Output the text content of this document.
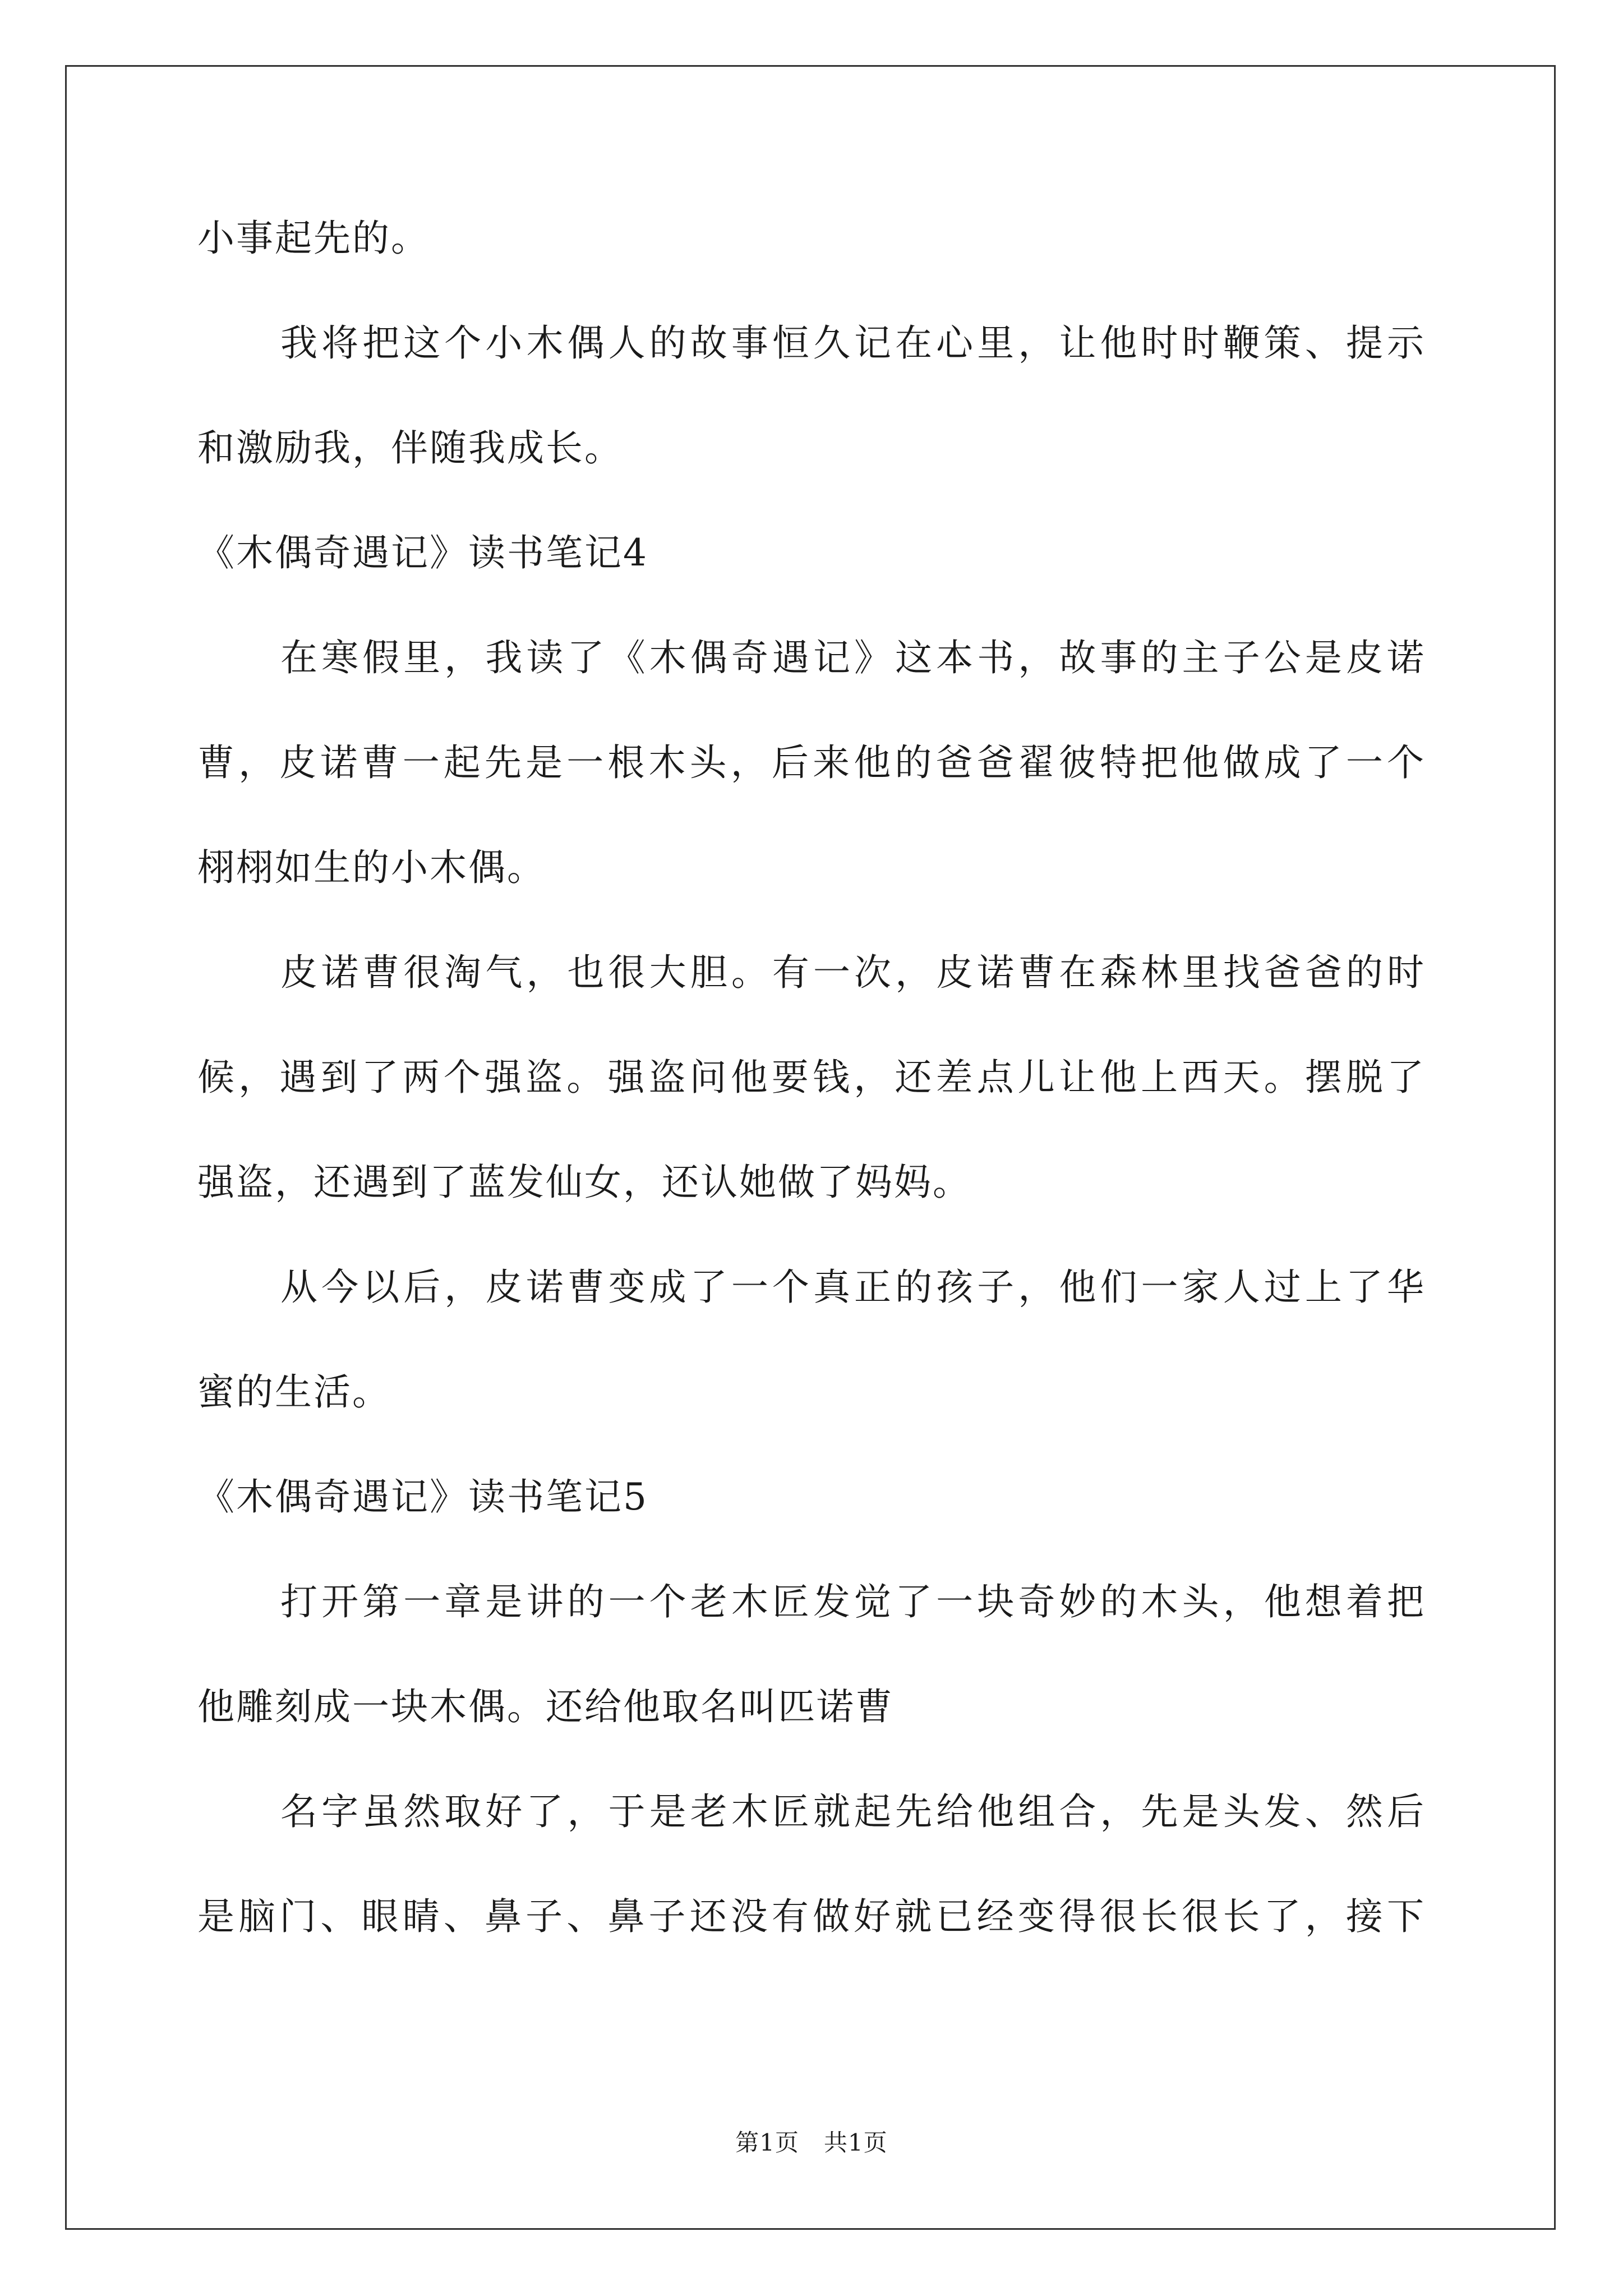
小事起先的。
我将把这个小木偶人的故事恒久记在心里，让他时时鞭策、提示
和激励我，伴随我成长。
《木偶奇遇记》读书笔记4
在寒假里，我读了《木偶奇遇记》这本书，故事的主子公是皮诺
曹，皮诺曹一起先是一根木头，后来他的爸爸翟彼特把他做成了一个
栩栩如生的小木偶。
皮诺曹很淘气，也很大胆。有一次，皮诺曹在森林里找爸爸的时
候，遇到了两个强盗。强盗问他要钱，还差点儿让他上西天。摆脱了
强盗，还遇到了蓝发仙女，还认她做了妈妈。
从今以后，皮诺曹变成了一个真正的孩子，他们一家人过上了华
蜜的生活。
《木偶奇遇记》读书笔记5
打开第一章是讲的一个老木匠发觉了一块奇妙的木头，他想着把
他雕刻成一块木偶。还给他取名叫匹诺曹
名字虽然取好了，于是老木匠就起先给他组合，先是头发、然后
是脑门、眼睛、鼻子、鼻子还没有做好就已经变得很长很长了，接下
第1页 共1页
